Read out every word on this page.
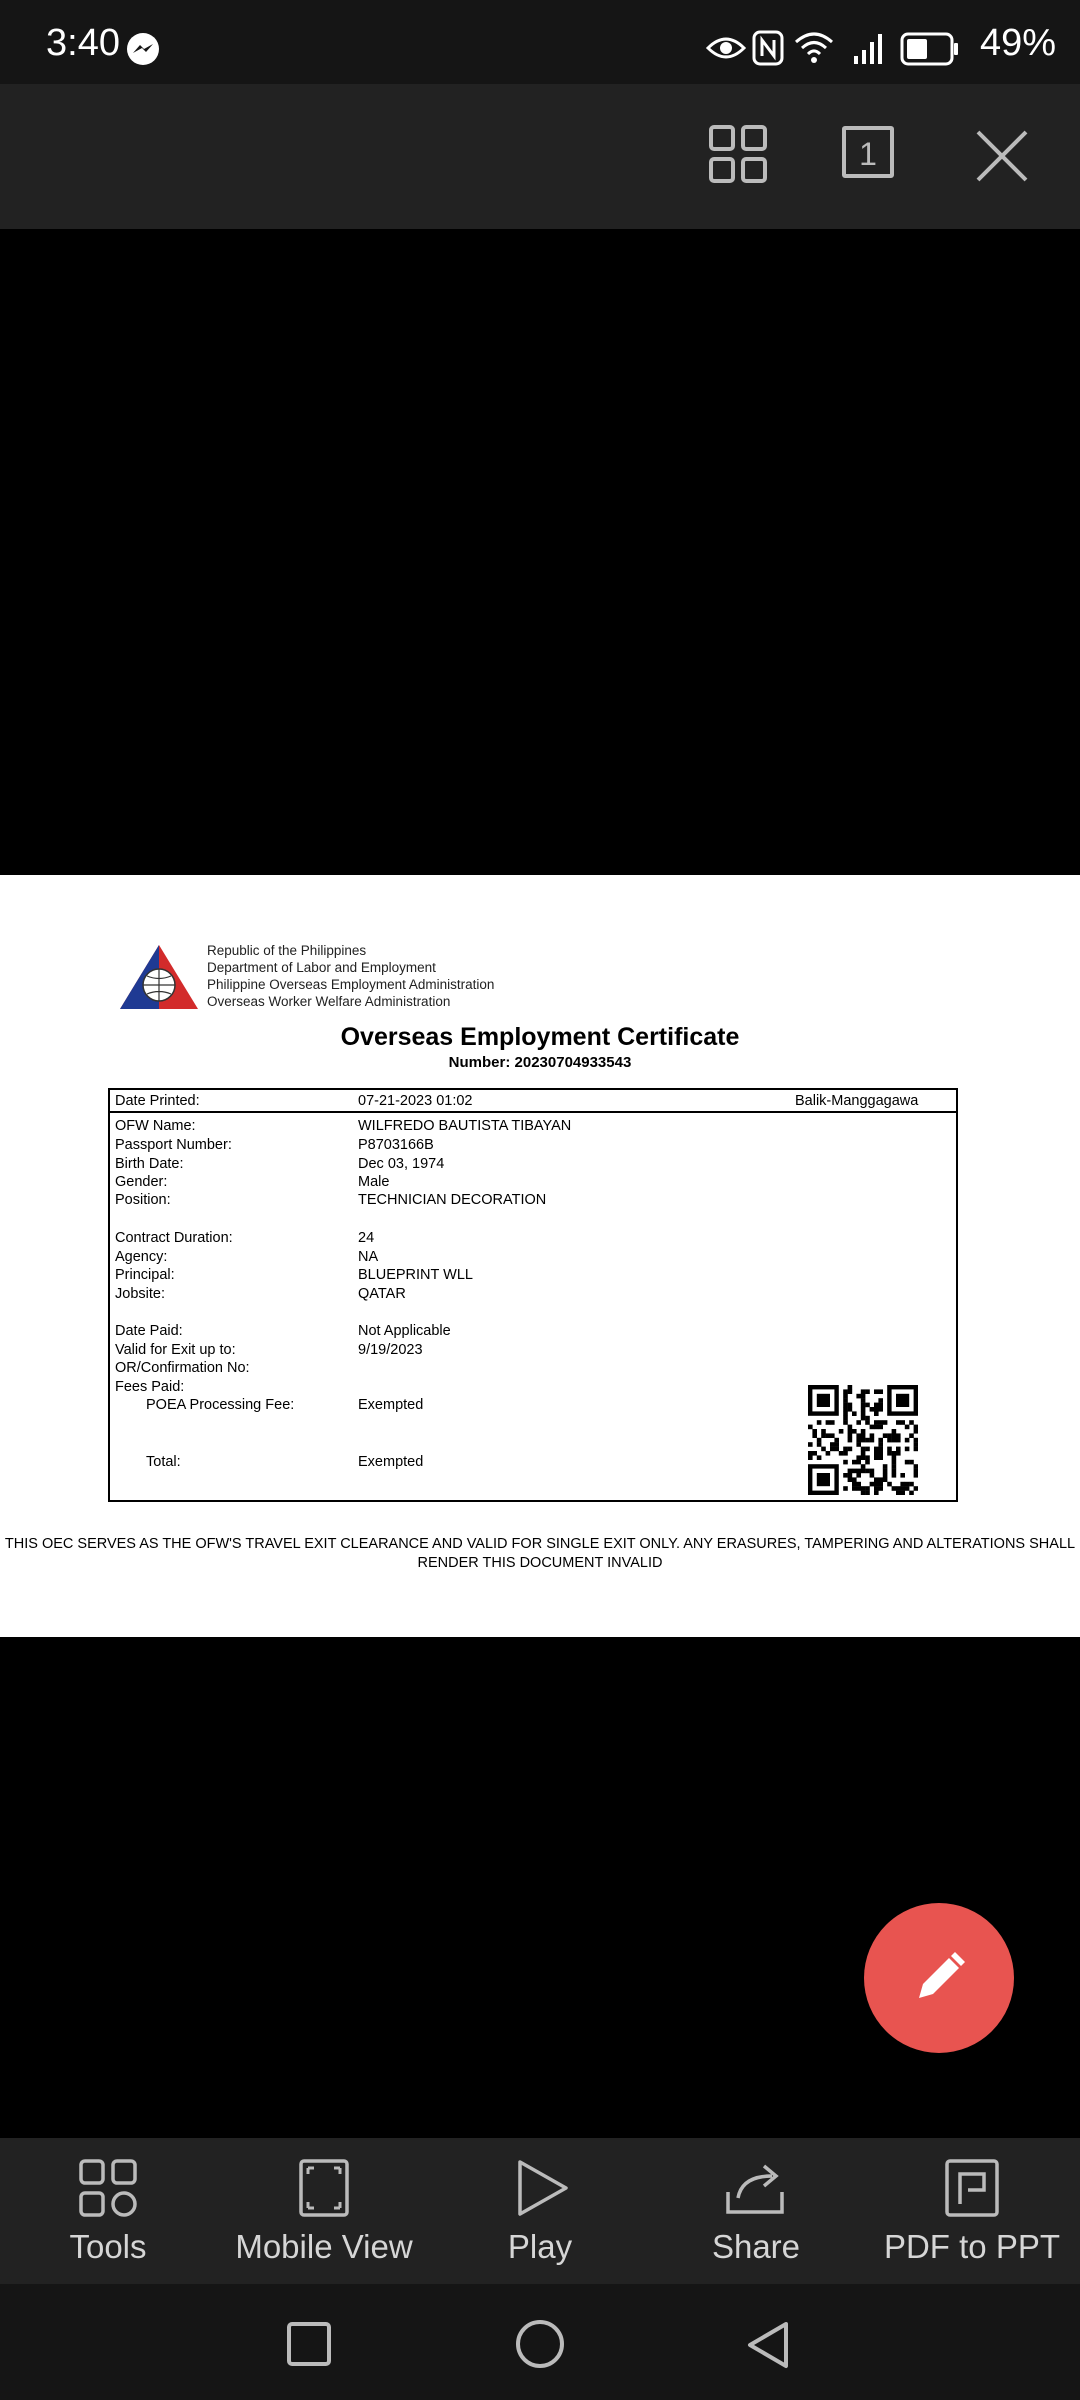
3:40	49%
1
Republic of the Philippines
Department of Labor and Employment
Philippine Overseas Employment Administration
Overseas Worker Welfare Administration
Overseas Employment Certificate
Number: 20230704933543
Date Printed:	07-21-2023 01:02	Balik-Manggagawa
OFW Name:	WILFREDO BAUTISTA TIBAYAN
Passport Number:	P8703166B
Birth Date:	Dec 03, 1974
Gender:	Male
Position:	TECHNICIAN DECORATION
Contract Duration:	24
Agency:	NA
Principal:	BLUEPRINT WLL
Jobsite:	QATAR
Date Paid:	Not Applicable
Valid for Exit up to:	9/19/2023
OR/Confirmation No:
Fees Paid:
POEA Processing Fee:	Exempted
Total:	Exempted
THIS OEC SERVES AS THE OFW'S TRAVEL EXIT CLEARANCE AND VALID FOR SINGLE EXIT ONLY. ANY ERASURES, TAMPERING AND ALTERATIONS SHALL RENDER THIS DOCUMENT INVALID
Tools	Mobile View	Play	Share	PDF to PPT
